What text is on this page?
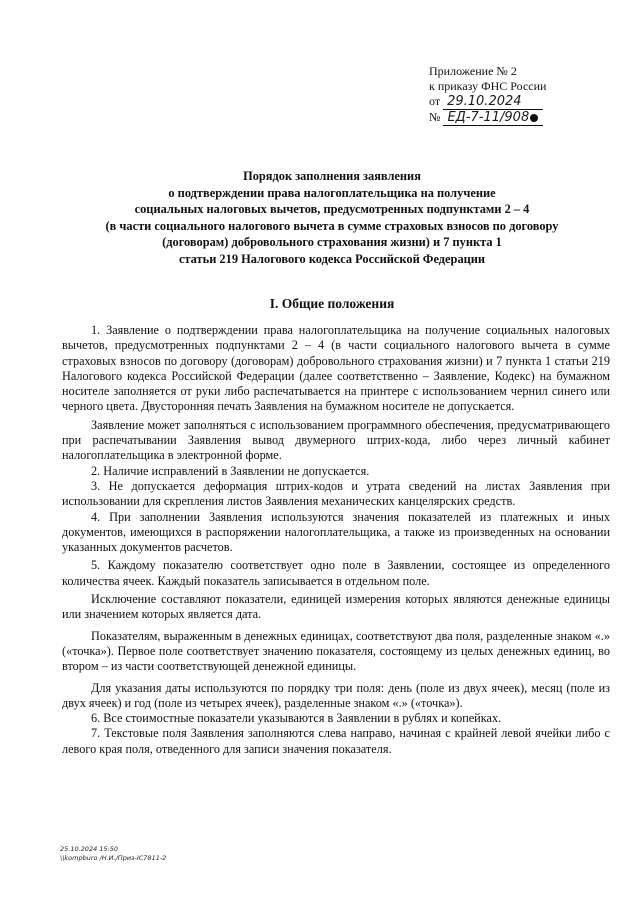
Приложение № 2
к приказу ФНС России
от 29.10.2024
№ ЕД-7-11/908
Порядок заполнения заявления
о подтверждении права налогоплательщика на получение
социальных налоговых вычетов, предусмотренных подпунктами 2 – 4
(в части социального налогового вычета в сумме страховых взносов по договору
(договорам) добровольного страхования жизни) и 7 пункта 1
статьи 219 Налогового кодекса Российской Федерации
I. Общие положения

1. Заявление о подтверждении права налогоплательщика на получение социальных налоговых вычетов, предусмотренных подпунктами 2 – 4 (в части социального налогового вычета в сумме страховых взносов по договору (договорам) добровольного страхования жизни) и 7 пункта 1 статьи 219 Налогового кодекса Российской Федерации (далее соответственно – Заявление, Кодекс) на бумажном носителе заполняется от руки либо распечатывается на принтере с использованием чернил синего или черного цвета. Двусторонняя печать Заявления на бумажном носителе не допускается.

Заявление может заполняться с использованием программного обеспечения, предусматривающего при распечатывании Заявления вывод двумерного штрих-кода, либо через личный кабинет налогоплательщика в электронной форме.

2. Наличие исправлений в Заявлении не допускается.

3. Не допускается деформация штрих-кодов и утрата сведений на листах Заявления при использовании для скрепления листов Заявления механических канцелярских средств.

4. При заполнении Заявления используются значения показателей из платежных и иных документов, имеющихся в распоряжении налогоплательщика, а также из произведенных на основании указанных документов расчетов.

5. Каждому показателю соответствует одно поле в Заявлении, состоящее из определенного количества ячеек. Каждый показатель записывается в отдельном поле.

Исключение составляют показатели, единицей измерения которых являются денежные единицы или значением которых является дата.

Показателям, выраженным в денежных единицах, соответствуют два поля, разделенные знаком «.» («точка»). Первое поле соответствует значению показателя, состоящему из целых денежных единиц, во втором – из части соответствующей денежной единицы.

Для указания даты используются по порядку три поля: день (поле из двух ячеек), месяц (поле из двух ячеек) и год (поле из четырех ячеек), разделенные знаком «.» («точка»).

6. Все стоимостные показатели указываются в Заявлении в рублях и копейках.

7. Текстовые поля Заявления заполняются слева направо, начиная с крайней левой ячейки либо с левого края поля, отведенного для записи значения показателя.

25.10.2024 15:50
\\kompburo /Н.И./Приз-IС7811-2
